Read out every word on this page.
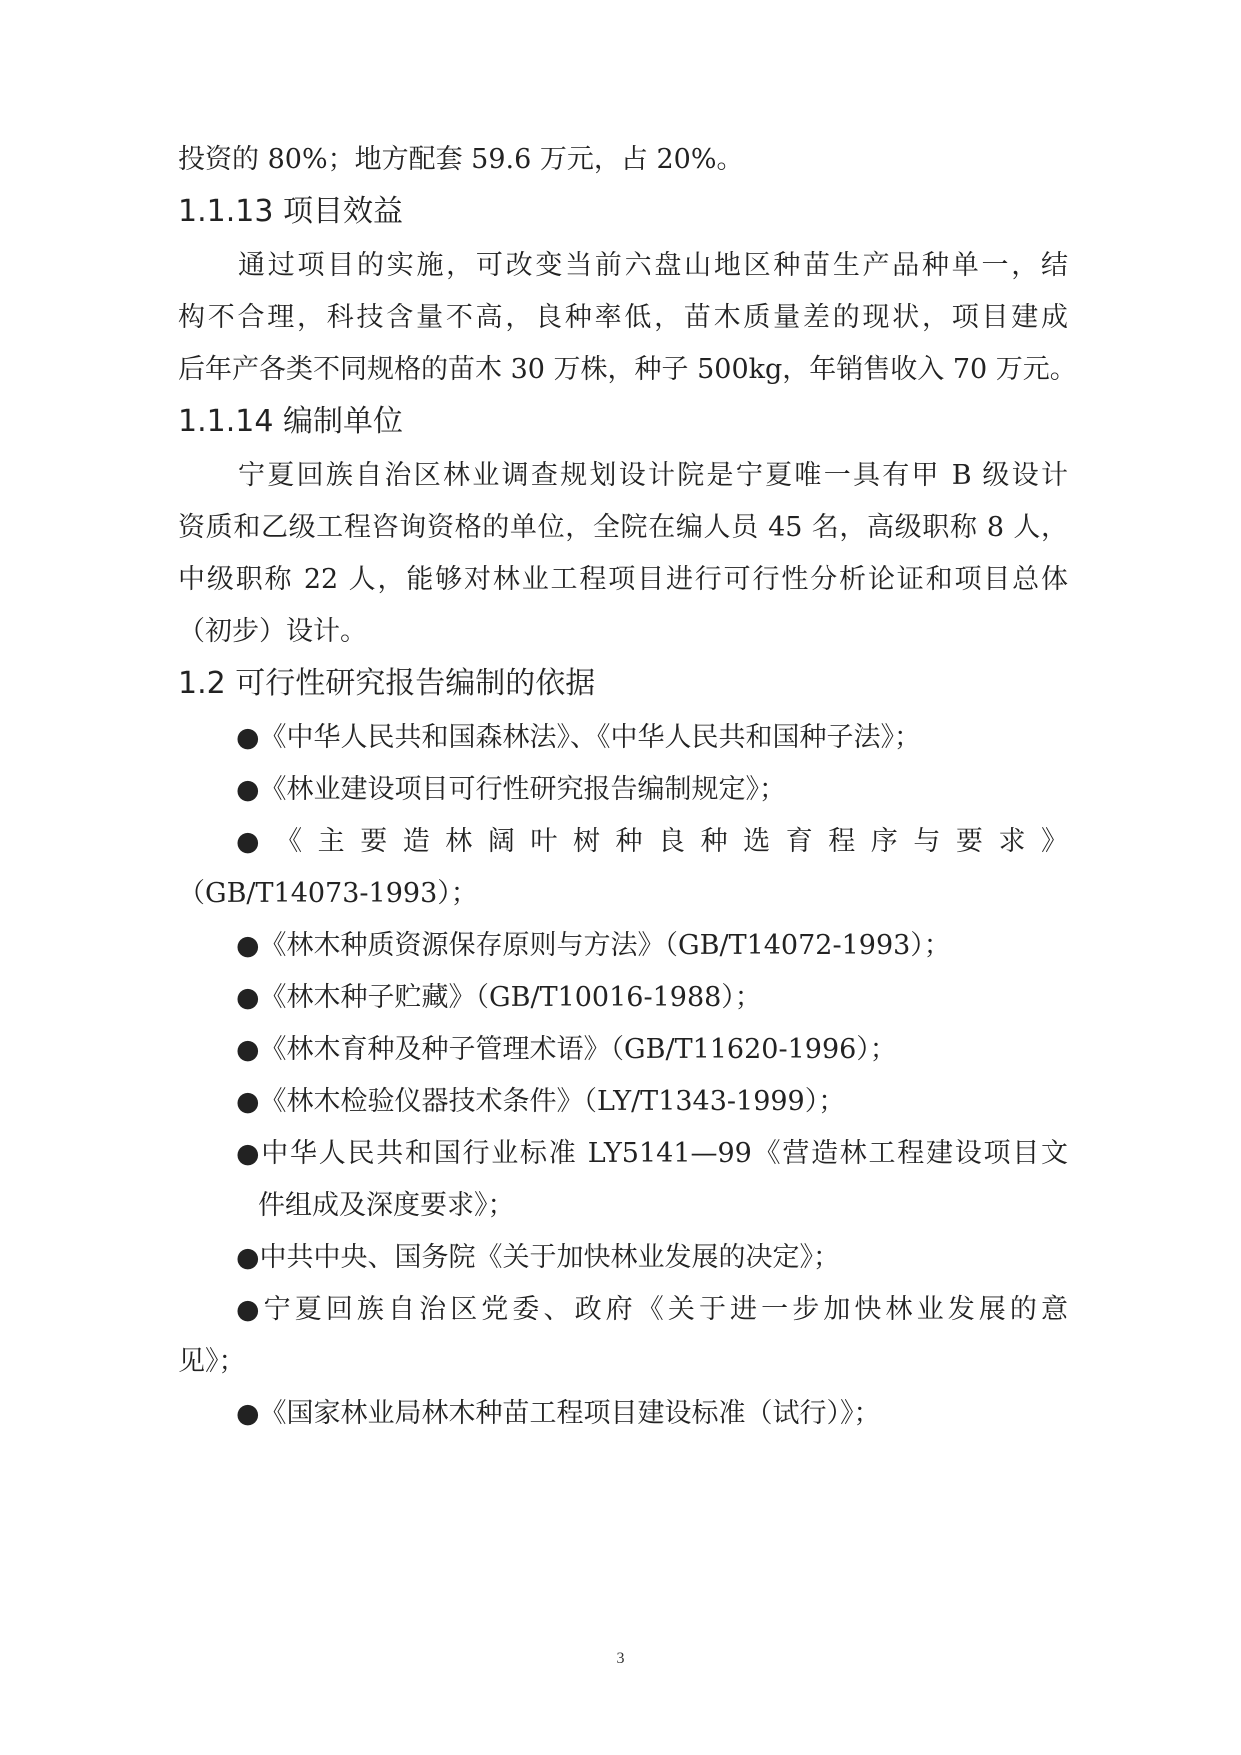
投资的 80%；地方配套 59.6 万元，占 20%。
1.1.13 项目效益
通过项目的实施，可改变当前六盘山地区种苗生产品种单一，结
构不合理，科技含量不高，良种率低，苗木质量差的现状，项目建成
后年产各类不同规格的苗木 30 万株，种子 500kg，年销售收入 70 万元。
1.1.14 编制单位
宁夏回族自治区林业调查规划设计院是宁夏唯一具有甲 B 级设计
资质和乙级工程咨询资格的单位，全院在编人员 45 名，高级职称 8 人，
中级职称 22 人，能够对林业工程项目进行可行性分析论证和项目总体
（初步）设计。
1.2 可行性研究报告编制的依据
●《中华人民共和国森林法》、《中华人民共和国种子法》；
●《林业建设项目可行性研究报告编制规定》；
●《主要造林阔叶树种良种选育程序与要求》
（GB/T14073-1993）；
●《林木种质资源保存原则与方法》（GB/T14072-1993）；
●《林木种子贮藏》（GB/T10016-1988）；
●《林木育种及种子管理术语》（GB/T11620-1996）；
●《林木检验仪器技术条件》（LY/T1343-1999）；
●中华人民共和国行业标准 LY5141—99《营造林工程建设项目文
件组成及深度要求》；
●中共中央、国务院《关于加快林业发展的决定》；
●宁夏回族自治区党委、政府《关于进一步加快林业发展的意
见》；
●《国家林业局林木种苗工程项目建设标准（试行）》；
3
